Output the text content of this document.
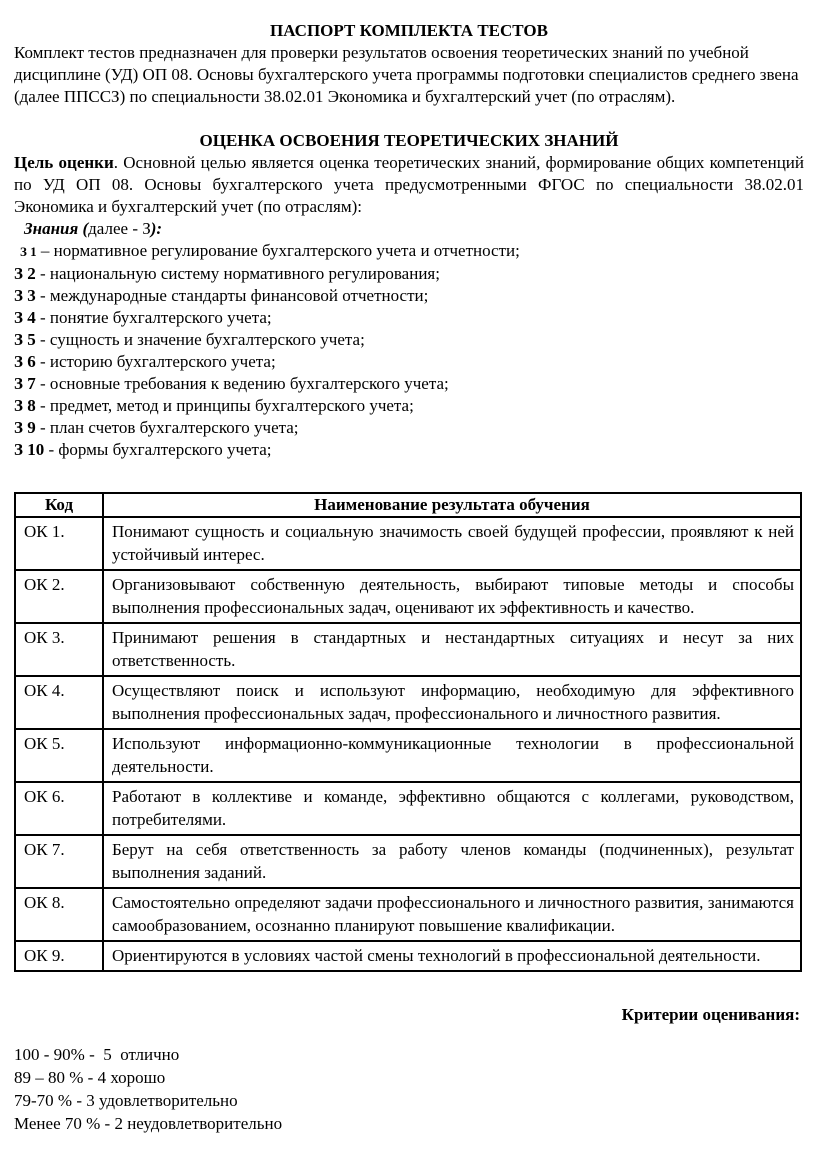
ПАСПОРТ КОМПЛЕКТА ТЕСТОВ

Комплект тестов предназначен для проверки результатов освоения теоретических знаний по учебной дисциплине (УД) ОП 08. Основы бухгалтерского учета программы подготовки специалистов среднего звена (далее ППССЗ) по специальности 38.02.01 Экономика и бухгалтерский учет (по отраслям).

ОЦЕНКА ОСВОЕНИЯ ТЕОРЕТИЧЕСКИХ ЗНАНИЙ

Цель оценки. Основной целью является оценка теоретических знаний, формирование общих компетенций по УД ОП 08. Основы бухгалтерского учета предусмотренными ФГОС по специальности 38.02.01 Экономика и бухгалтерский учет (по отраслям):

Знания (далее - З):

З 1 – нормативное регулирование бухгалтерского учета и отчетности;
З 2 - национальную систему нормативного регулирования;
З 3 - международные стандарты финансовой отчетности;
З 4 - понятие бухгалтерского учета;
З 5 - сущность и значение бухгалтерского учета;
З 6 - историю бухгалтерского учета;
З 7 - основные требования к ведению бухгалтерского учета;
З 8 - предмет, метод и принципы бухгалтерского учета;
З 9 - план счетов бухгалтерского учета;
З 10 - формы бухгалтерского учета;
Код	Наименование результата обучения
ОК 1.	Понимают сущность и социальную значимость своей будущей профессии, проявляют к ней устойчивый интерес.
ОК 2.	Организовывают собственную деятельность, выбирают типовые методы и способы выполнения профессиональных задач, оценивают их эффективность и качество.
ОК 3.	Принимают решения в стандартных и нестандартных ситуациях и несут за них ответственность.
ОК 4.	Осуществляют поиск и используют информацию, необходимую для эффективного выполнения профессиональных задач, профессионального и личностного развития.
ОК 5.	Используют информационно-коммуникационные технологии в профессиональной деятельности.
ОК 6.	Работают в коллективе и команде, эффективно общаются с коллегами, руководством, потребителями.
ОК 7.	Берут на себя ответственность за работу членов команды (подчиненных), результат выполнения заданий.
ОК 8.	Самостоятельно определяют задачи профессионального и личностного развития, занимаются самообразованием, осознанно планируют повышение квалификации.
ОК 9.	Ориентируются в условиях частой смены технологий в профессиональной деятельности.

Критерии оценивания:

100 - 90% -  5  отлично
89 – 80 % - 4 хорошо
79-70 % - 3 удовлетворительно
Менее 70 % - 2 неудовлетворительно
